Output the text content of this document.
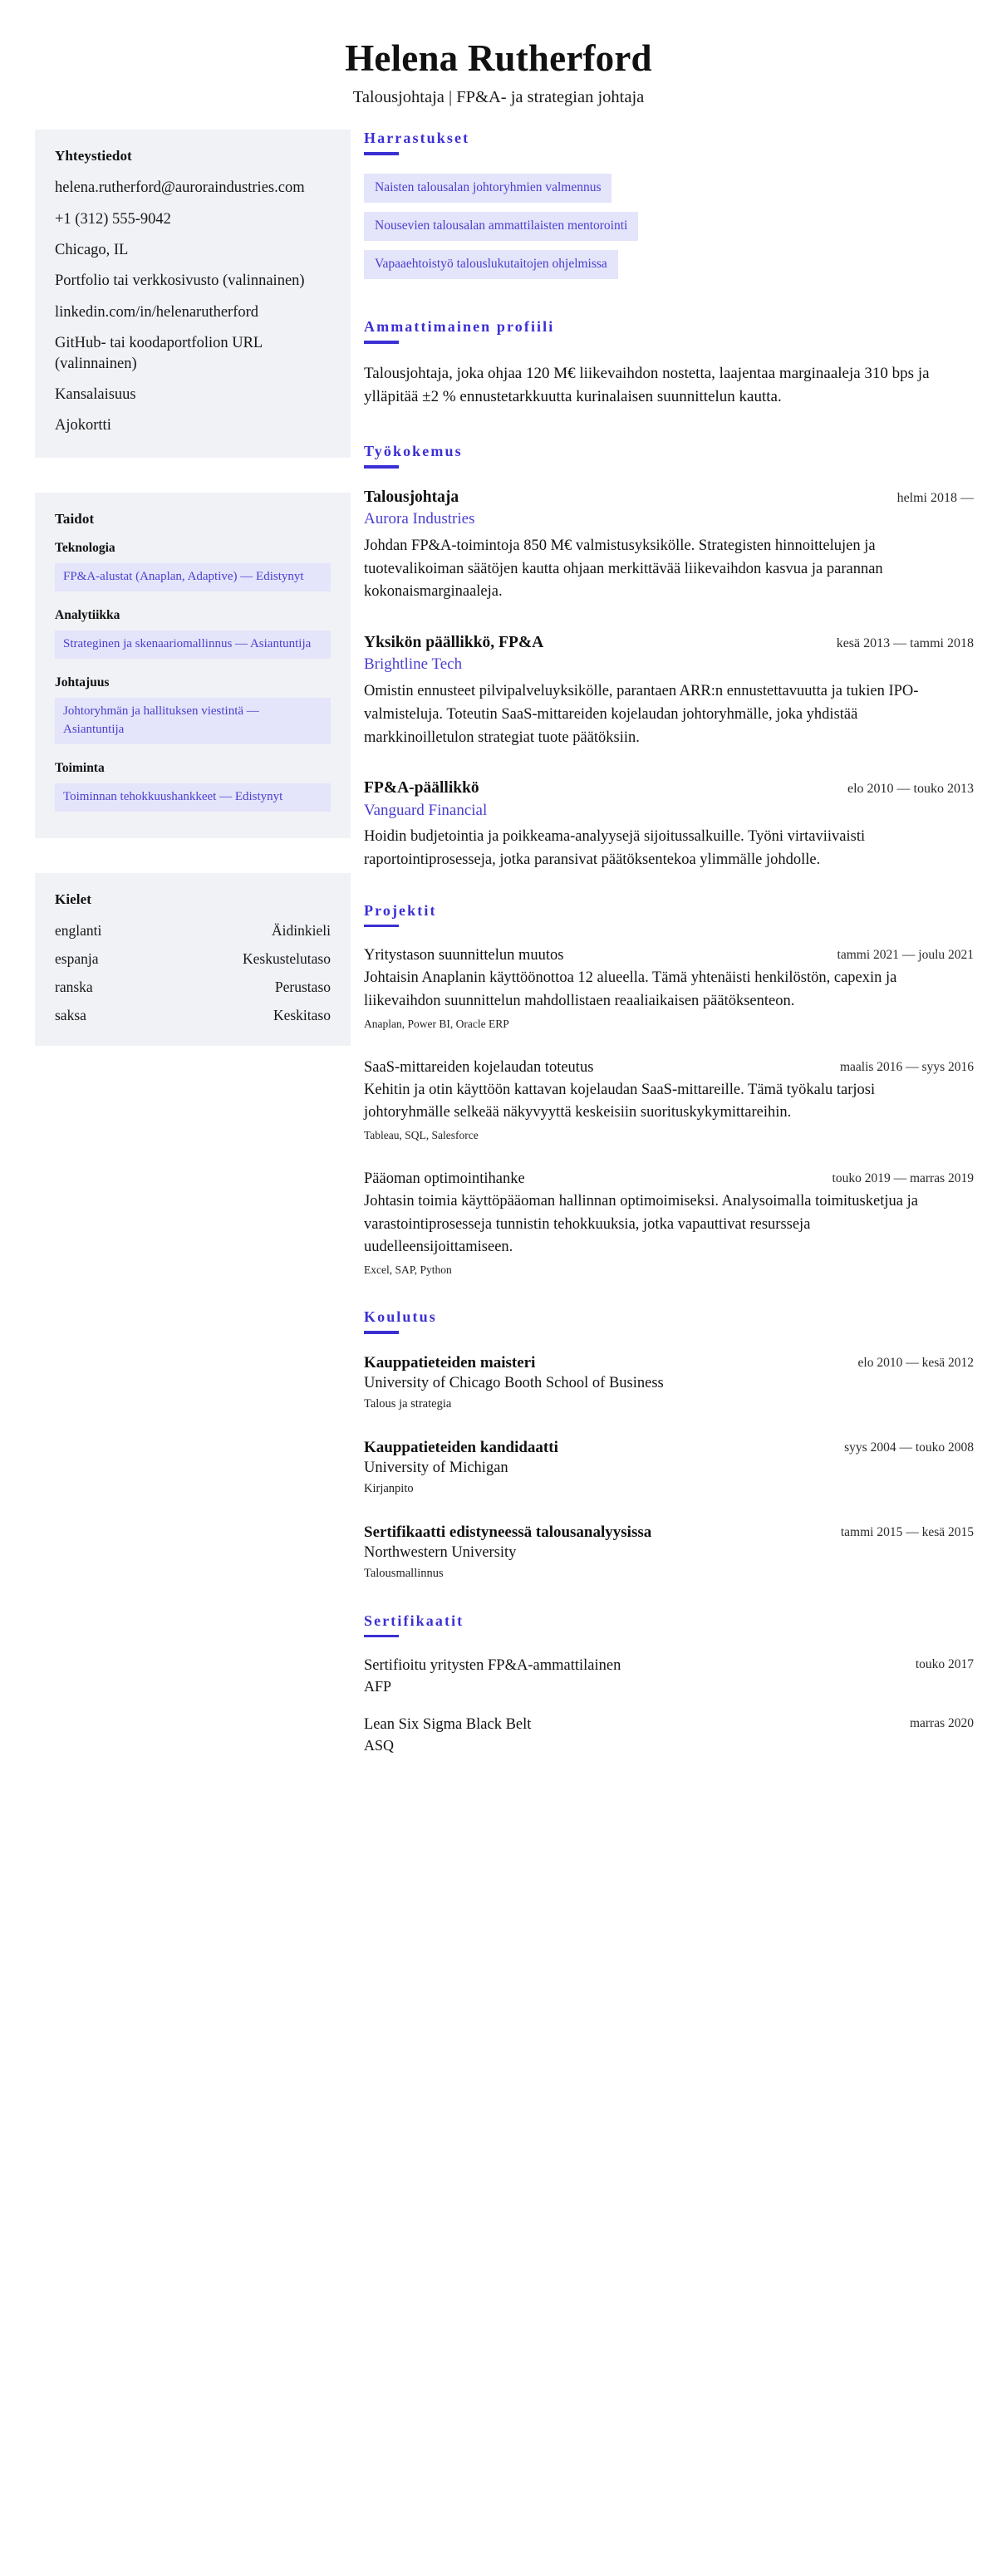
Helena Rutherford

Talousjohtaja | FP&A- ja strategian johtaja

Yhteystiedot
helena.rutherford@auroraindustries.com
+1 (312) 555-9042
Chicago, IL
Portfolio tai verkkosivusto (valinnainen)
linkedin.com/in/helenarutherford
GitHub- tai koodaportfolion URL (valinnainen)
Kansalaisuus
Ajokortti
Taidot
Teknologia
FP&A-alustat (Anaplan, Adaptive) — Edistynyt
Analytiikka
Strateginen ja skenaariomallinnus — Asiantuntija
Johtajuus
Johtoryhmän ja hallituksen viestintä — Asiantuntija
Toiminta
Toiminnan tehokkuushankkeet — Edistynyt
Kielet
englanti	Äidinkieli
espanja	Keskustelutaso
ranska	Perustaso
saksa	Keskitaso
Harrastukset
Naisten talousalan johtoryhmien valmennus
Nousevien talousalan ammattilaisten mentorointi
Vapaaehtoistyö talouslukutaitojen ohjelmissa
Ammattimainen profiili

Talousjohtaja, joka ohjaa 120 M€ liikevaihdon nostetta, laajentaa marginaaleja 310 bps ja ylläpitää ±2 % ennustetarkkuutta kurinalaisen suunnittelun kautta.

Työkokemus
Talousjohtaja	helmi 2018 —
Aurora Industries

Johdan FP&A-toimintoja 850 M€ valmistusyksikölle. Strategisten hinnoittelujen ja tuotevalikoiman säätöjen kautta ohjaan merkittävää liikevaihdon kasvua ja parannan kokonaismarginaaleja.

Yksikön päällikkö, FP&A	kesä 2013 — tammi 2018
Brightline Tech

Omistin ennusteet pilvipalveluyksikölle, parantaen ARR:n ennustettavuutta ja tukien IPO-valmisteluja. Toteutin SaaS-mittareiden kojelaudan johtoryhmälle, joka yhdistää markkinoilletulon strategiat tuote päätöksiin.

FP&A-päällikkö	elo 2010 — touko 2013
Vanguard Financial

Hoidin budjetointia ja poikkeama-analyysejä sijoitussalkuille. Työni virtaviivaisti raportointiprosesseja, jotka paransivat päätöksentekoa ylimmälle johdolle.

Projektit
Yritystason suunnittelun muutos	tammi 2021 — joulu 2021

Johtaisin Anaplanin käyttöönottoa 12 alueella. Tämä yhtenäisti henkilöstön, capexin ja liikevaihdon suunnittelun mahdollistaen reaaliaikaisen päätöksenteon.

Anaplan, Power BI, Oracle ERP

SaaS-mittareiden kojelaudan toteutus	maalis 2016 — syys 2016

Kehitin ja otin käyttöön kattavan kojelaudan SaaS-mittareille. Tämä työkalu tarjosi johtoryhmälle selkeää näkyvyyttä keskeisiin suorituskykymittareihin.

Tableau, SQL, Salesforce

Pääoman optimointihanke	touko 2019 — marras 2019

Johtasin toimia käyttöpääoman hallinnan optimoimiseksi. Analysoimalla toimitusketjua ja varastointiprosesseja tunnistin tehokkuuksia, jotka vapauttivat resursseja uudelleensijoittamiseen.

Excel, SAP, Python

Koulutus
Kauppatieteiden maisteri	elo 2010 — kesä 2012

University of Chicago Booth School of Business

Talous ja strategia

Kauppatieteiden kandidaatti	syys 2004 — touko 2008

University of Michigan

Kirjanpito

Sertifikaatti edistyneessä talousanalyysissa	tammi 2015 — kesä 2015

Northwestern University

Talousmallinnus

Sertifikaatit
Sertifioitu yritysten FP&A-ammattilainen	touko 2017

AFP

Lean Six Sigma Black Belt	marras 2020

ASQ
